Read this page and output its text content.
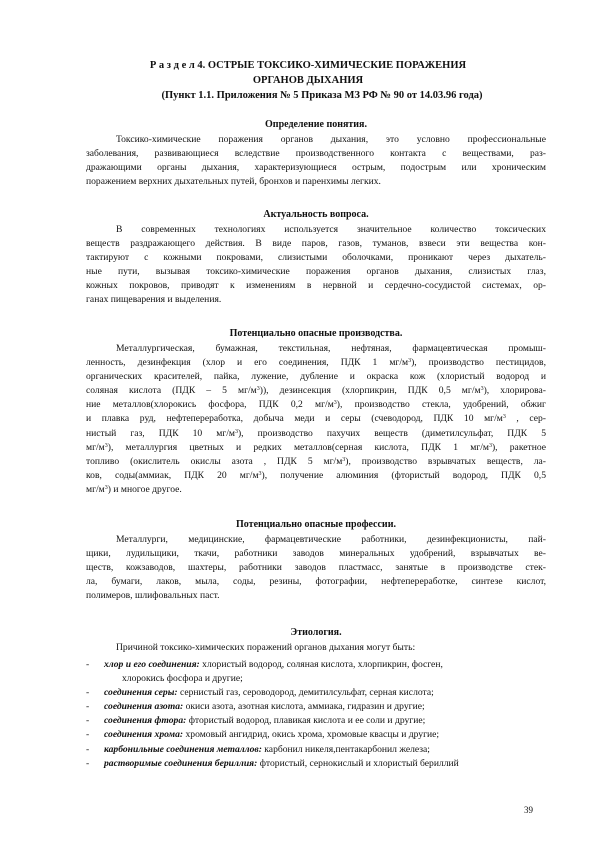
Р а з д е л 4. ОСТРЫЕ ТОКСИКО-ХИМИЧЕСКИЕ ПОРАЖЕНИЯ
ОРГАНОВ ДЫХАНИЯ
(Пункт 1.1. Приложения № 5 Приказа МЗ РФ № 90 от 14.03.96 года)
Определение понятия.
Токсико-химические поражения органов дыхания, это условно профессиональные
заболевания, развивающиеся вследствие производственного контакта с веществами, раз-
дражающими органы дыхания, характеризующиеся острым, подострым или хроническим
поражением верхних дыхательных путей, бронхов и паренхимы легких.
Актуальность вопроса.
В современных технологиях используется значительное количество токсических
веществ раздражающего действия. В виде паров, газов, туманов, взвеси эти вещества кон-
тактируют с кожными покровами, слизистыми оболочками, проникают через дыхатель-
ные пути, вызывая токсико-химические поражения органов дыхания, слизистых глаз,
кожных покровов, приводят к изменениям в нервной и сердечно-сосудистой системах, ор-
ганах пищеварения и выделения.
Потенциально опасные производства.
Металлургическая, бумажная, текстильная, нефтяная, фармацевтическая промыш-
ленность, дезинфекция (хлор и его соединения, ПДК 1 $мг/м^3$), производство пестицидов,
органических красителей, пайка, лужение, дубление и окраска кож (хлористый водород и
соляная кислота (ПДК – 5 $мг/м^3$)), дезинсекция (хлорпикрин, ПДК 0,5 $мг/м^3$), хлорирова-
ние металлов(хлорокись фосфора, ПДК 0,2 $мг/м^3$), производство стекла, удобрений, обжиг
и плавка руд, нефтепереработка, добыча меди и серы (счеводород, ПДК 10 $мг/м^3$ , сер-
нистый газ, ПДК 10 $мг/м^3$), производство пахучих веществ (диметилсульфат, ПДК 5
$мг/м^3$), металлургия цветных и редких металлов(серная кислота, ПДК 1 $мг/м^3$), ракетное
топливо (окислитель окислы азота , ПДК 5 $мг/м^3$), производство взрывчатых веществ, ла-
ков, соды(аммиак, ПДК 20 $мг/м^3$), получение алюминия (фтористый водород, ПДК 0,5
$мг/м^3$) и многое другое.
Потенциально опасные профессии.
Металлурги, медицинские, фармацевтические работники, дезинфекционисты, пай-
щики, лудильщики, ткачи, работники заводов минеральных удобрений, взрывчатых ве-
ществ, кожзаводов, шахтеры, работники заводов пластмасс, занятые в производстве стек-
ла, бумаги, лаков, мыла, соды, резины, фотографии, нефтепереработке, синтезе кислот,
полимеров, шлифовальных паст.
Этиология.
Причиной токсико-химических поражений органов дыхания могут быть:
- хлор и его соединения: хлористый водород, соляная кислота, хлорпикрин, фосген,
хлорокись фосфора и другие;
- соединения серы: сернистый газ, сероводород, демитилсульфат, серная кислота;
- соединения азота: окиси азота, азотная кислота, аммиака, гидразин и другие;
- соединения фтора: фтористый водород, плавикая кислота и ее соли и другие;
- соединения хрома: хромовый ангидрид, окись хрома, хромовые квасцы и другие;
- карбонильные соединения металлов: карбонил никеля,пентакарбонил железа;
- растворимые соединения бериллия: фтористый, сернокислый и хлористый бериллий
39
